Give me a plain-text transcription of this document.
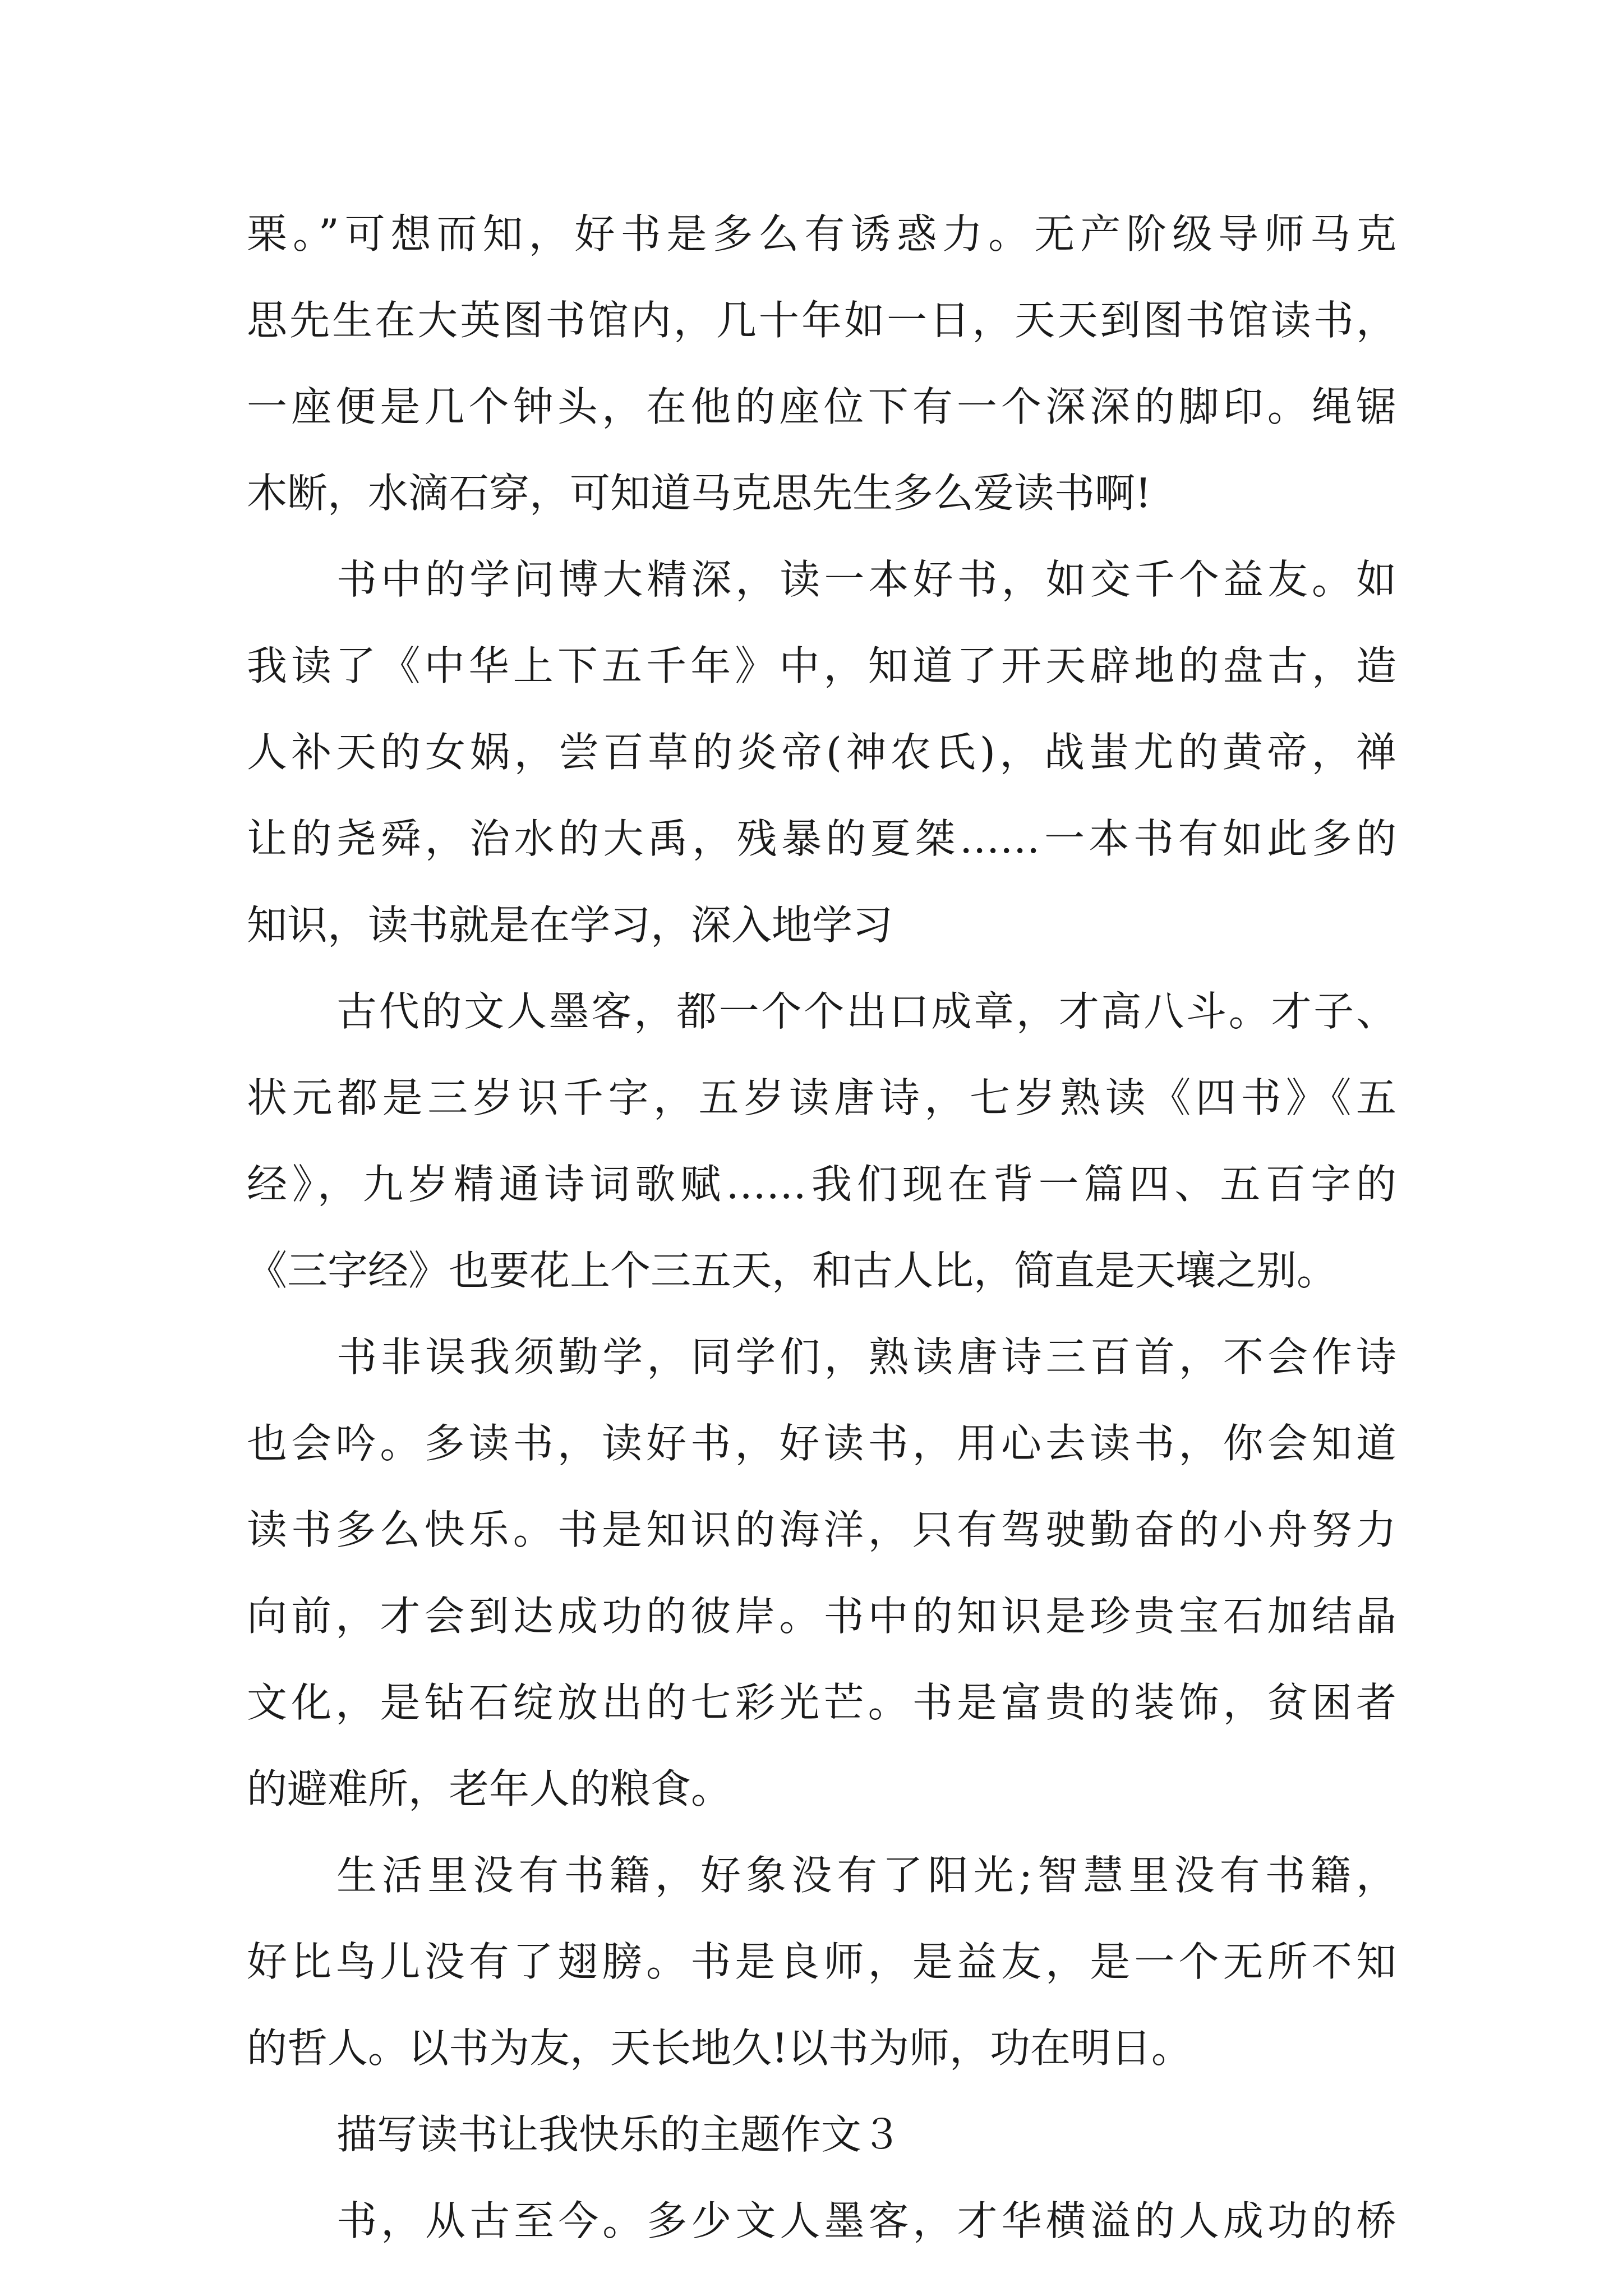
栗。”可想而知，好书是多么有诱惑力。无产阶级导师马克
思先生在大英图书馆内，几十年如一日，天天到图书馆读书，
一座便是几个钟头，在他的座位下有一个深深的脚印。绳锯
木断，水滴石穿，可知道马克思先生多么爱读书啊!
书中的学问博大精深，读一本好书，如交千个益友。如
我读了《中华上下五千年》中，知道了开天辟地的盘古，造
人补天的女娲，尝百草的炎帝(神农氏)，战蚩尤的黄帝，禅
让的尧舜，治水的大禹，残暴的夏桀……一本书有如此多的
知识，读书就是在学习，深入地学习
古代的文人墨客，都一个个出口成章，才高八斗。才子、
状元都是三岁识千字，五岁读唐诗，七岁熟读《四书》《五
经》，九岁精通诗词歌赋……我们现在背一篇四、五百字的
《三字经》也要花上个三五天，和古人比，简直是天壤之别。
书非误我须勤学，同学们，熟读唐诗三百首，不会作诗
也会吟。多读书，读好书，好读书，用心去读书，你会知道
读书多么快乐。书是知识的海洋，只有驾驶勤奋的小舟努力
向前，才会到达成功的彼岸。书中的知识是珍贵宝石加结晶
文化，是钻石绽放出的七彩光芒。书是富贵的装饰，贫困者
的避难所，老年人的粮食。
生活里没有书籍，好象没有了阳光;智慧里没有书籍，
好比鸟儿没有了翅膀。书是良师，是益友，是一个无所不知
的哲人。以书为友，天长地久!以书为师，功在明日。
描写读书让我快乐的主题作文３
书，从古至今。多少文人墨客，才华横溢的人成功的桥
